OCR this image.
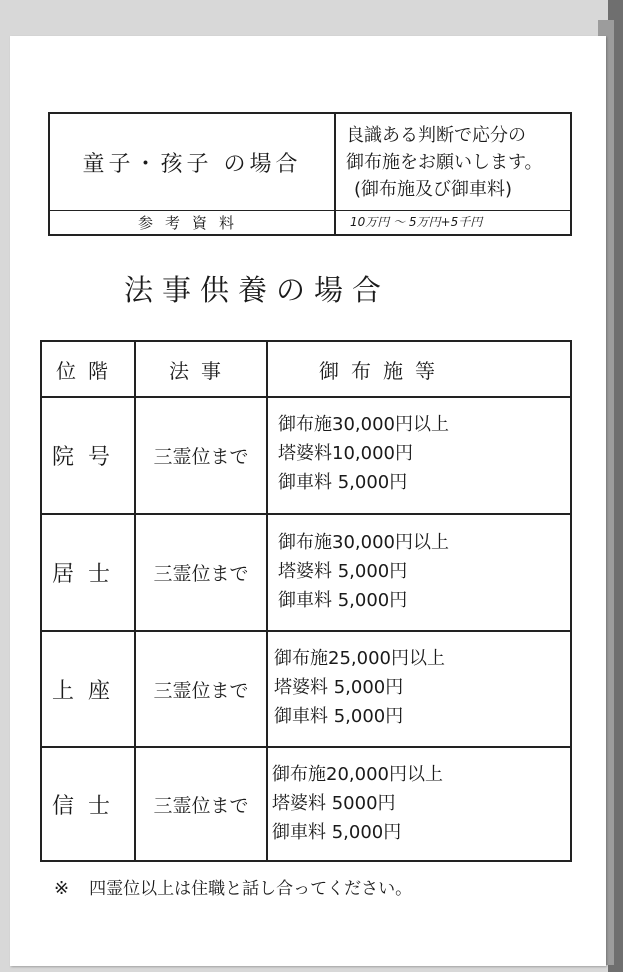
童子・孩子 の場合
良識ある判断で応分の
御布施をお願いします。
(御布施及び御車料)
参考資料	10万円 〜 5万円+5千円
法事供養の場合
位階	法事	御布施等
院号	三霊位まで
御布施30,000円以上
塔婆料10,000円
御車料 5,000円
居士	三霊位まで
御布施30,000円以上
塔婆料 5,000円
御車料 5,000円
上座	三霊位まで
御布施25,000円以上
塔婆料 5,000円
御車料 5,000円
信士	三霊位まで
御布施20,000円以上
塔婆料 5000円
御車料 5,000円
※ 四霊位以上は住職と話し合ってください。
